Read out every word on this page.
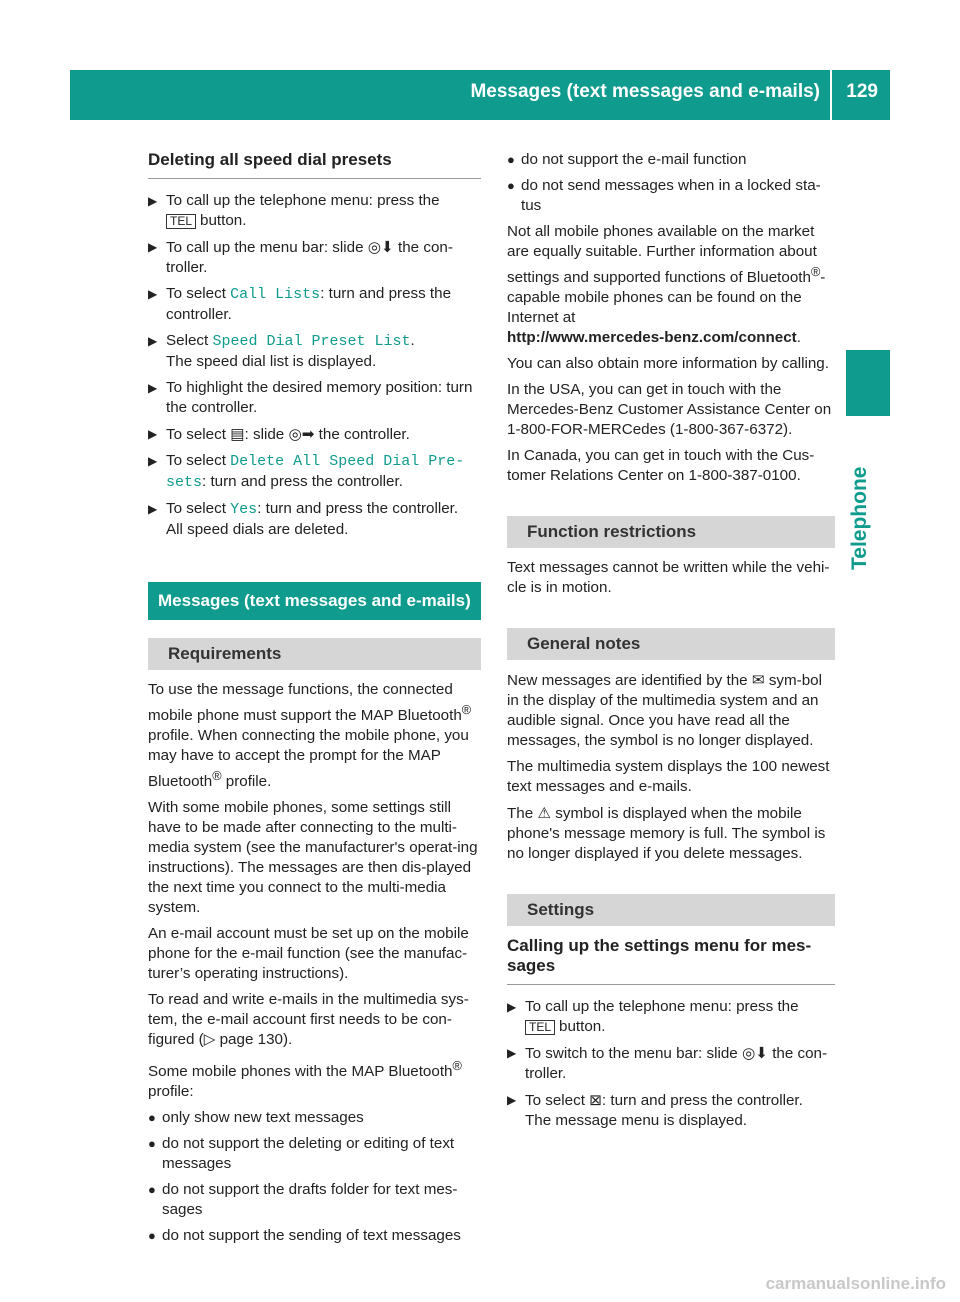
Messages (text messages and e-mails) 129
Telephone
Deleting all speed dial presets
▶ To call up the telephone menu: press the
TEL button.
▶ To call up the menu bar: slide ◎⬇ the con-troller.
▶ To select Call Lists: turn and press the controller.
▶ Select Speed Dial Preset List.
The speed dial list is displayed.
▶ To highlight the desired memory position: turn the controller.
▶ To select ▤: slide ◎➡ the controller.
▶ To select Delete All Speed Dial Pre‐ sets: turn and press the controller.
▶ To select Yes: turn and press the controller.
All speed dials are deleted.
Messages (text messages and e-mails)
Requirements

To use the message functions, the connected mobile phone must support the MAP Bluetooth® profile. When connecting the mobile phone, you may have to accept the prompt for the MAP Bluetooth® profile.

With some mobile phones, some settings still have to be made after connecting to the multi-media system (see the manufacturer's operat-ing instructions). The messages are then dis-played the next time you connect to the multi-media system.

An e-mail account must be set up on the mobile phone for the e-mail function (see the manufac-turer’s operating instructions).

To read and write e-mails in the multimedia sys-tem, the e-mail account first needs to be con-figured (▷ page 130).

Some mobile phones with the MAP Bluetooth®
profile:

● only show new text messages
● do not support the deleting or editing of text messages
● do not support the drafts folder for text mes-sages
● do not support the sending of text messages
● do not support the e-mail function
● do not send messages when in a locked sta-tus

Not all mobile phones available on the market are equally suitable. Further information about settings and supported functions of Bluetooth®-capable mobile phones can be found on the Internet at
http://www.mercedes-benz.com/connect.

You can also obtain more information by calling.

In the USA, you can get in touch with the Mercedes-Benz Customer Assistance Center on 1-800-FOR-MERCedes (1-800-367-6372).

In Canada, you can get in touch with the Cus-tomer Relations Center on 1-800-387-0100.

Function restrictions

Text messages cannot be written while the vehi-cle is in motion.

General notes

New messages are identified by the ✉ sym-bol in the display of the multimedia system and an audible signal. Once you have read all the messages, the symbol is no longer displayed.

The multimedia system displays the 100 newest text messages and e-mails.

The ⚠ symbol is displayed when the mobile phone's message memory is full. The symbol is no longer displayed if you delete messages.

Settings
Calling up the settings menu for mes-sages
▶ To call up the telephone menu: press the
TEL button.
▶ To switch to the menu bar: slide ◎⬇ the con-troller.
▶ To select ⊠: turn and press the controller.
The message menu is displayed.
carmanualsonline.info
